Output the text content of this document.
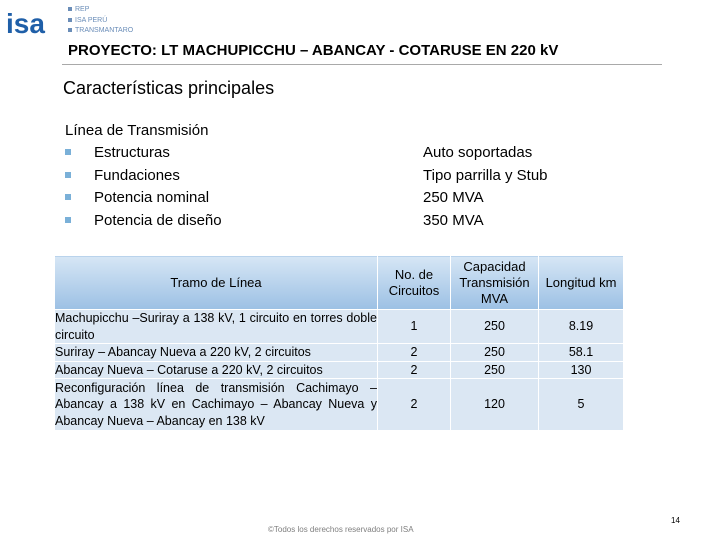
isa	REP
ISA PERÚ
TRANSMANTARO
PROYECTO: LT MACHUPICCHU – ABANCAY - COTARUSE EN 220 kV
Características principales
Línea de Transmisión
Estructuras	Auto soportadas
Fundaciones	Tipo parrilla y Stub
Potencia nominal	250 MVA
Potencia de diseño	350 MVA
Tramo de Línea	No. de Circuitos	Capacidad Transmisión MVA	Longitud km
Machupicchu –Suriray a 138 kV, 1 circuito en torres doble circuito	1	250	8.19
Suriray – Abancay Nueva a 220 kV, 2 circuitos	2	250	58.1
Abancay Nueva – Cotaruse a 220 kV, 2 circuitos	2	250	130
Reconfiguración línea de transmisión Cachimayo – Abancay a 138 kV en Cachimayo – Abancay Nueva y Abancay Nueva – Abancay en 138 kV	2	120	5
©Todos los derechos reservados por ISA
14
